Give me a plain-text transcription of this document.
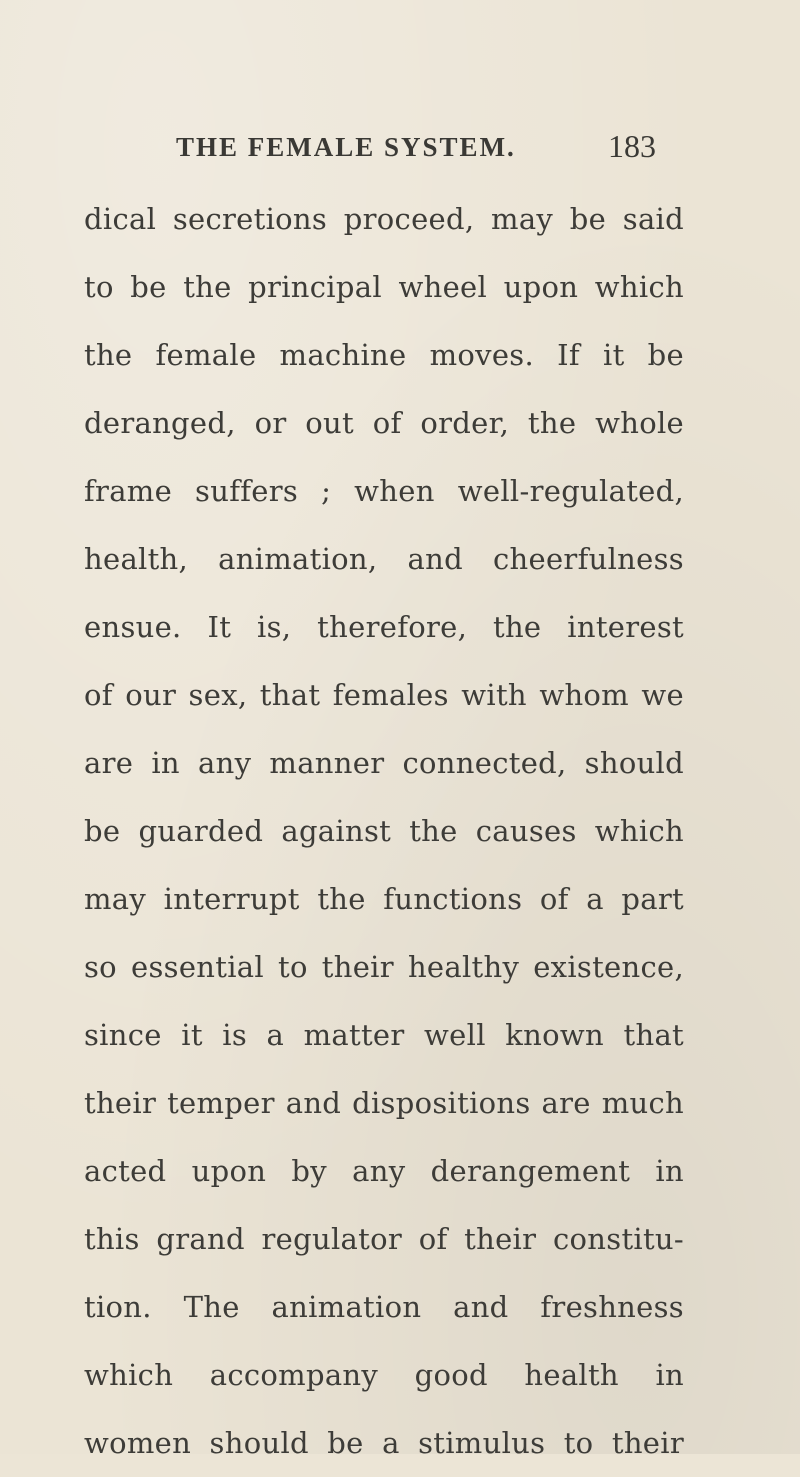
THE FEMALE SYSTEM.	183
dical secretions proceed, may be said
to be the principal wheel upon which
the female machine moves. If it be
deranged, or out of order, the whole
frame suffers ; when well-regulated,
health, animation, and cheerfulness
ensue. It is, therefore, the interest
of our sex, that females with whom we
are in any manner connected, should
be guarded against the causes which
may interrupt the functions of a part
so essential to their healthy existence,
since it is a matter well known that
their temper and dispositions are much
acted upon by any derangement in
this grand regulator of their constitu-
tion. The animation and freshness
which accompany good health in
women should be a stimulus to their
